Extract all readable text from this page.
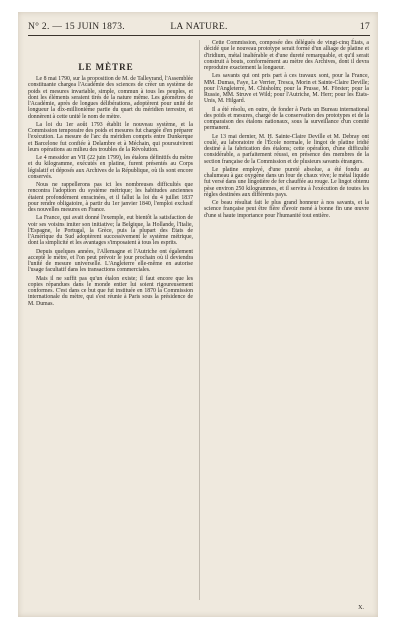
N° 2. — 15 JUIN 1873.	LA NATURE.	17
LE MÈTRE

Le 8 mai 1790, sur la proposition de M. de Talleyrand, l'Assemblée constituante chargea l'Académie des sciences de créer un système de poids et mesures invariable, simple, commun à tous les peuples, et dont les éléments seraient tirés de la nature même. Les géomètres de l'Académie, après de longues délibérations, adoptèrent pour unité de longueur la dix-millionième partie du quart du méridien terrestre, et donnèrent à cette unité le nom de mètre.

La loi du 1er août 1793 établit le nouveau système, et la Commission temporaire des poids et mesures fut chargée d'en préparer l'exécution. La mesure de l'arc du méridien compris entre Dunkerque et Barcelone fut confiée à Delambre et à Méchain, qui poursuivirent leurs opérations au milieu des troubles de la Révolution.

Le 4 messidor an VII (22 juin 1799), les étalons définitifs du mètre et du kilogramme, exécutés en platine, furent présentés au Corps législatif et déposés aux Archives de la République, où ils sont encore conservés.

Nous ne rappellerons pas ici les nombreuses difficultés que rencontra l'adoption du système métrique; les habitudes anciennes étaient profondément enracinées, et il fallut la loi du 4 juillet 1837 pour rendre obligatoire, à partir du 1er janvier 1840, l'emploi exclusif des nouvelles mesures en France.

La France, qui avait donné l'exemple, eut bientôt la satisfaction de voir ses voisins imiter son initiative; la Belgique, la Hollande, l'Italie, l'Espagne, le Portugal, la Grèce, puis la plupart des États de l'Amérique du Sud adoptèrent successivement le système métrique, dont la simplicité et les avantages s'imposaient à tous les esprits.

Depuis quelques années, l'Allemagne et l'Autriche ont également accepté le mètre, et l'on peut prévoir le jour prochain où il deviendra l'unité de mesure universelle. L'Angleterre elle-même en autorise l'usage facultatif dans les transactions commerciales.

Mais il ne suffit pas qu'un étalon existe; il faut encore que les copies répandues dans le monde entier lui soient rigoureusement conformes. C'est dans ce but que fut instituée en 1870 la Commission internationale du mètre, qui s'est réunie à Paris sous la présidence de M. Dumas.

Cette Commission, composée des délégués de vingt-cinq États, a décidé que le nouveau prototype serait formé d'un alliage de platine et d'iridium, métal inaltérable et d'une dureté remarquable, et qu'il serait construit à bouts, conformément au mètre des Archives, dont il devra reproduire exactement la longueur.

Les savants qui ont pris part à ces travaux sont, pour la France, MM. Dumas, Faye, Le Verrier, Tresca, Morin et Sainte-Claire Deville; pour l'Angleterre, M. Chisholm; pour la Prusse, M. Förster; pour la Russie, MM. Struve et Wild; pour l'Autriche, M. Herr; pour les États-Unis, M. Hilgard.

Il a été résolu, en outre, de fonder à Paris un Bureau international des poids et mesures, chargé de la conservation des prototypes et de la comparaison des étalons nationaux, sous la surveillance d'un comité permanent.

Le 13 mai dernier, M. H. Sainte-Claire Deville et M. Debray ont coulé, au laboratoire de l'École normale, le lingot de platine iridié destiné à la fabrication des étalons; cette opération, d'une difficulté considérable, a parfaitement réussi, en présence des membres de la section française de la Commission et de plusieurs savants étrangers.

Le platine employé, d'une pureté absolue, a été fondu au chalumeau à gaz oxygène dans un four de chaux vive; le métal liquide fut versé dans une lingotière de fer chauffée au rouge. Le lingot obtenu pèse environ 250 kilogrammes, et il servira à l'exécution de toutes les règles destinées aux différents pays.

Ce beau résultat fait le plus grand honneur à nos savants, et la science française peut être fière d'avoir mené à bonne fin une œuvre d'une si haute importance pour l'humanité tout entière.

X.
